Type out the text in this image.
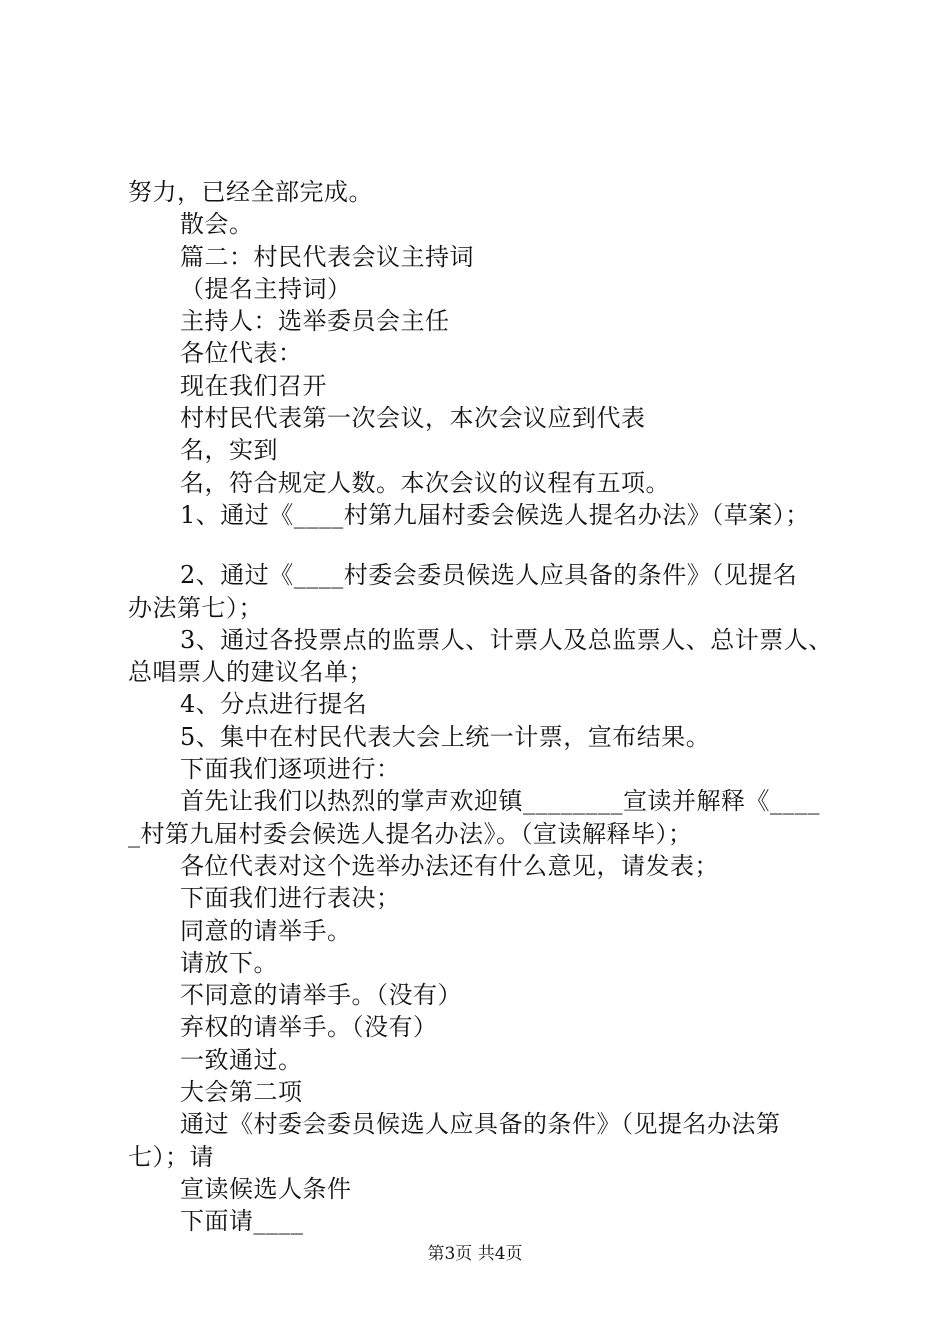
努力，已经全部完成。
散会。
篇二：村民代表会议主持词
（提名主持词）
主持人：选举委员会主任
各位代表：
现在我们召开
村村民代表第一次会议，本次会议应到代表
名，实到
名，符合规定人数。本次会议的议程有五项。
1、通过《____村第九届村委会候选人提名办法》（草案）；
2、通过《____村委会委员候选人应具备的条件》（见提名
办法第七）；
3、通过各投票点的监票人、计票人及总监票人、总计票人、
总唱票人的建议名单；
4、分点进行提名
5、集中在村民代表大会上统一计票，宣布结果。
下面我们逐项进行：
首先让我们以热烈的掌声欢迎镇________宣读并解释《____
_村第九届村委会候选人提名办法》。（宣读解释毕）；
各位代表对这个选举办法还有什么意见，请发表；
下面我们进行表决；
同意的请举手。
请放下。
不同意的请举手。（没有）
弃权的请举手。（没有）
一致通过。
大会第二项
通过《村委会委员候选人应具备的条件》（见提名办法第
七）；请
宣读候选人条件
下面请____
第3页 共4页
